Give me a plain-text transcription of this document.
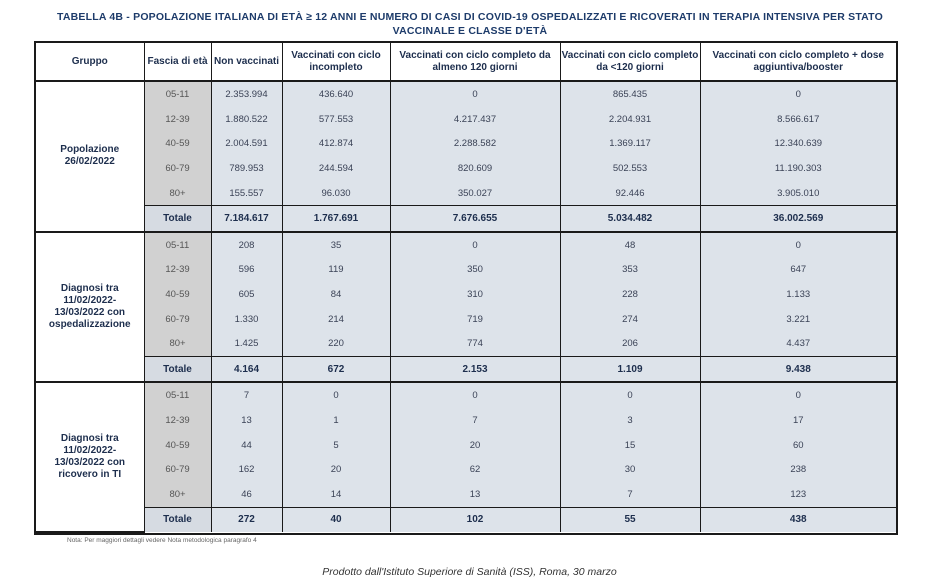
TABELLA 4B - POPOLAZIONE ITALIANA DI ETÀ ≥ 12 ANNI E NUMERO DI CASI DI COVID-19 OSPEDALIZZATI E RICOVERATI IN TERAPIA INTENSIVA PER STATO
VACCINALE E CLASSE D'ETÀ
Gruppo	Fascia di età	Non vaccinati	Vaccinati con ciclo incompleto	Vaccinati con ciclo completo da almeno 120 giorni	Vaccinati con ciclo completo da <120 giorni	Vaccinati con ciclo completo + dose aggiuntiva/booster
Popolazione 26/02/2022	05-11	2.353.994	436.640	0	865.435	0
	12-39	1.880.522	577.553	4.217.437	2.204.931	8.566.617
	40-59	2.004.591	412.874	2.288.582	1.369.117	12.340.639
	60-79	789.953	244.594	820.609	502.553	11.190.303
	80+	155.557	96.030	350.027	92.446	3.905.010
	Totale	7.184.617	1.767.691	7.676.655	5.034.482	36.002.569
Diagnosi tra 11/02/2022-13/03/2022 con ospedalizzazione	05-11	208	35	0	48	0
	12-39	596	119	350	353	647
	40-59	605	84	310	228	1.133
	60-79	1.330	214	719	274	3.221
	80+	1.425	220	774	206	4.437
	Totale	4.164	672	2.153	1.109	9.438
Diagnosi tra 11/02/2022-13/03/2022 con ricovero in TI	05-11	7	0	0	0	0
	12-39	13	1	7	3	17
	40-59	44	5	20	15	60
	60-79	162	20	62	30	238
	80+	46	14	13	7	123
	Totale	272	40	102	55	438
Nota: Per maggiori dettagli vedere Nota metodologica paragrafo 4
Prodotto dall'Istituto Superiore di Sanità (ISS), Roma, 30 marzo
